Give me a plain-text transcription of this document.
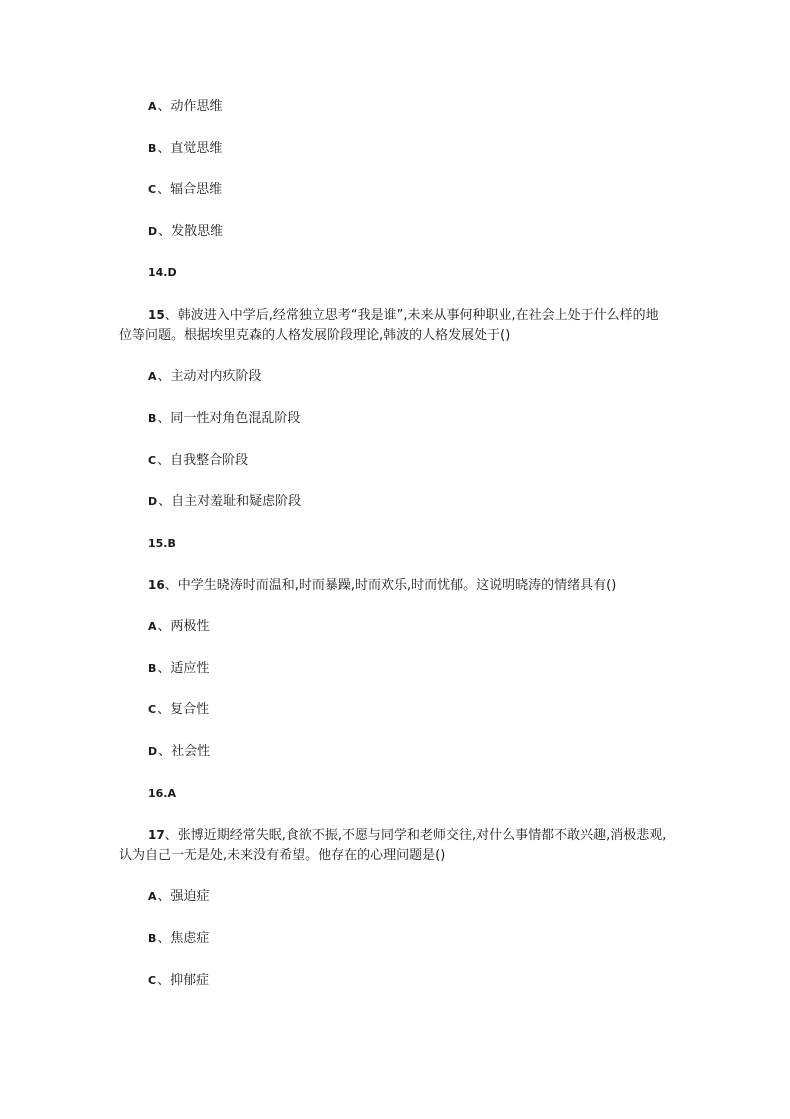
A、动作思维
B、直觉思维
C、辐合思维
D、发散思维
14.D
15、韩波进入中学后,经常独立思考“我是谁”,未来从事何种职业,在社会上处于什么样的地位等问题。根据埃里克森的人格发展阶段理论,韩波的人格发展处于()
A、主动对内疚阶段
B、同一性对角色混乱阶段
C、自我整合阶段
D、自主对羞耻和疑虑阶段
15.B
16、中学生晓涛时而温和,时而暴躁,时而欢乐,时而忧郁。这说明晓涛的情绪具有()
A、两极性
B、适应性
C、复合性
D、社会性
16.A
17、张博近期经常失眠,食欲不振,不愿与同学和老师交往,对什么事情都不敢兴趣,消极悲观,认为自己一无是处,未来没有希望。他存在的心理问题是()
A、强迫症
B、焦虑症
C、抑郁症
